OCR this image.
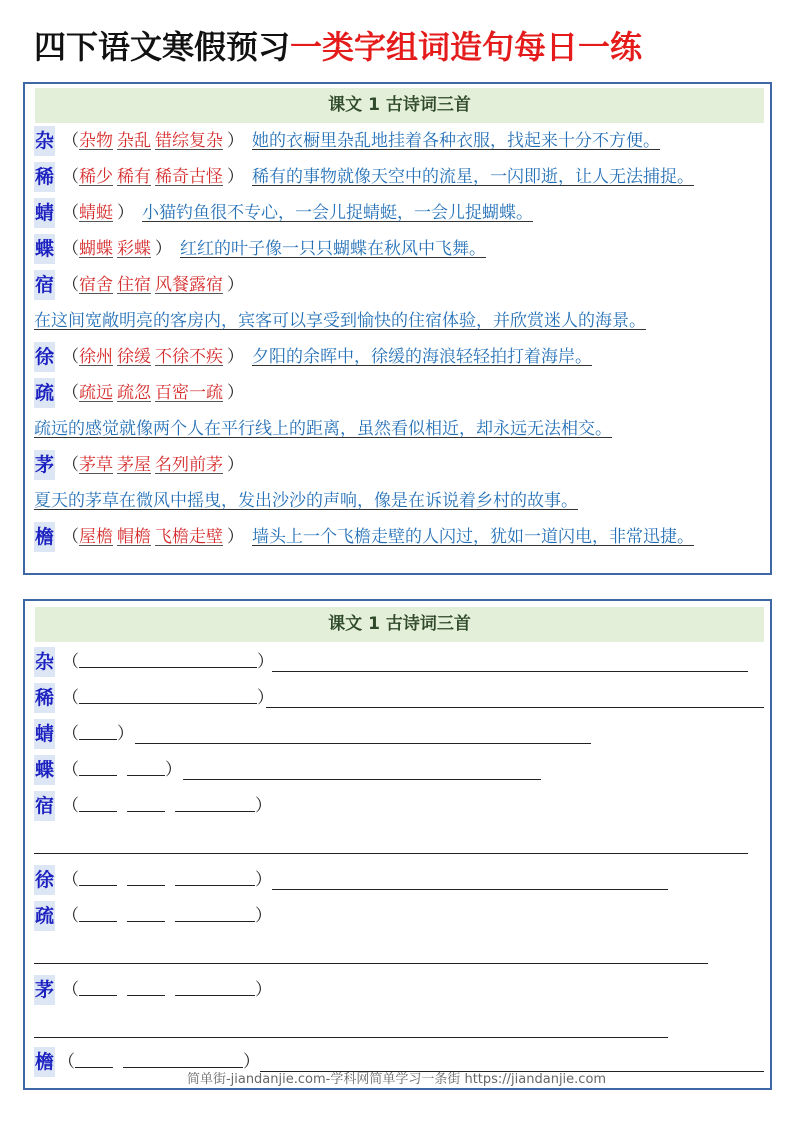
四下语文寒假预习一类字组词造句每日一练
课文 1 古诗词三首
杂 （杂物 杂乱 错综复杂 ） 她的衣橱里杂乱地挂着各种衣服，找起来十分不方便。
稀 （稀少 稀有 稀奇古怪 ） 稀有的事物就像天空中的流星，一闪即逝，让人无法捕捉。
蜻 （蜻蜓 ） 小猫钓鱼很不专心，一会儿捉蜻蜓，一会儿捉蝴蝶。
蝶 （蝴蝶 彩蝶 ） 红红的叶子像一只只蝴蝶在秋风中飞舞。
宿 （宿舍 住宿 风餐露宿 ）
在这间宽敞明亮的客房内，宾客可以享受到愉快的住宿体验，并欣赏迷人的海景。
徐 （徐州 徐缓 不徐不疾 ） 夕阳的余晖中，徐缓的海浪轻轻拍打着海岸。
疏 （疏远 疏忽 百密一疏 ）
疏远的感觉就像两个人在平行线上的距离，虽然看似相近，却永远无法相交。
茅 （茅草 茅屋 名列前茅 ）
夏天的茅草在微风中摇曳，发出沙沙的声响，像是在诉说着乡村的故事。
檐 （屋檐 帽檐 飞檐走壁 ） 墙头上一个飞檐走壁的人闪过，犹如一道闪电，非常迅捷。
课文 1 古诗词三首
杂 （	）
稀 （	）
蜻 （ ）
蝶 （	）
宿 （	）
徐 （	）
疏 （	）
茅 （	）
檐 （	）
简单街-jiandanjie.com-学科网简单学习一条街 https://jiandanjie.com
